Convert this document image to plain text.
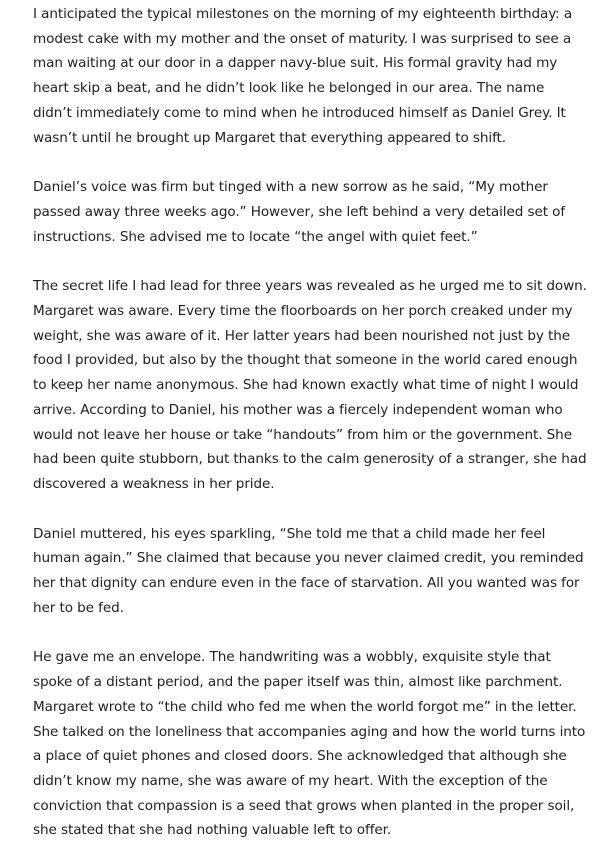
I anticipated the typical milestones on the morning of my eighteenth birthday: a modest cake with my mother and the onset of maturity. I was surprised to see a man waiting at our door in a dapper navy-blue suit. His formal gravity had my heart skip a beat, and he didn’t look like he belonged in our area. The name didn’t immediately come to mind when he introduced himself as Daniel Grey. It wasn’t until he brought up Margaret that everything appeared to shift.

Daniel’s voice was firm but tinged with a new sorrow as he said, “My mother passed away three weeks ago.” However, she left behind a very detailed set of instructions. She advised me to locate “the angel with quiet feet.”

The secret life I had lead for three years was revealed as he urged me to sit down. Margaret was aware. Every time the floorboards on her porch creaked under my weight, she was aware of it. Her latter years had been nourished not just by the food I provided, but also by the thought that someone in the world cared enough to keep her name anonymous. She had known exactly what time of night I would arrive. According to Daniel, his mother was a fiercely independent woman who would not leave her house or take “handouts” from him or the government. She had been quite stubborn, but thanks to the calm generosity of a stranger, she had discovered a weakness in her pride.

Daniel muttered, his eyes sparkling, “She told me that a child made her feel human again.” She claimed that because you never claimed credit, you reminded her that dignity can endure even in the face of starvation. All you wanted was for her to be fed.

He gave me an envelope. The handwriting was a wobbly, exquisite style that spoke of a distant period, and the paper itself was thin, almost like parchment. Margaret wrote to “the child who fed me when the world forgot me” in the letter. She talked on the loneliness that accompanies aging and how the world turns into a place of quiet phones and closed doors. She acknowledged that although she didn’t know my name, she was aware of my heart. With the exception of the conviction that compassion is a seed that grows when planted in the proper soil, she stated that she had nothing valuable left to offer.
